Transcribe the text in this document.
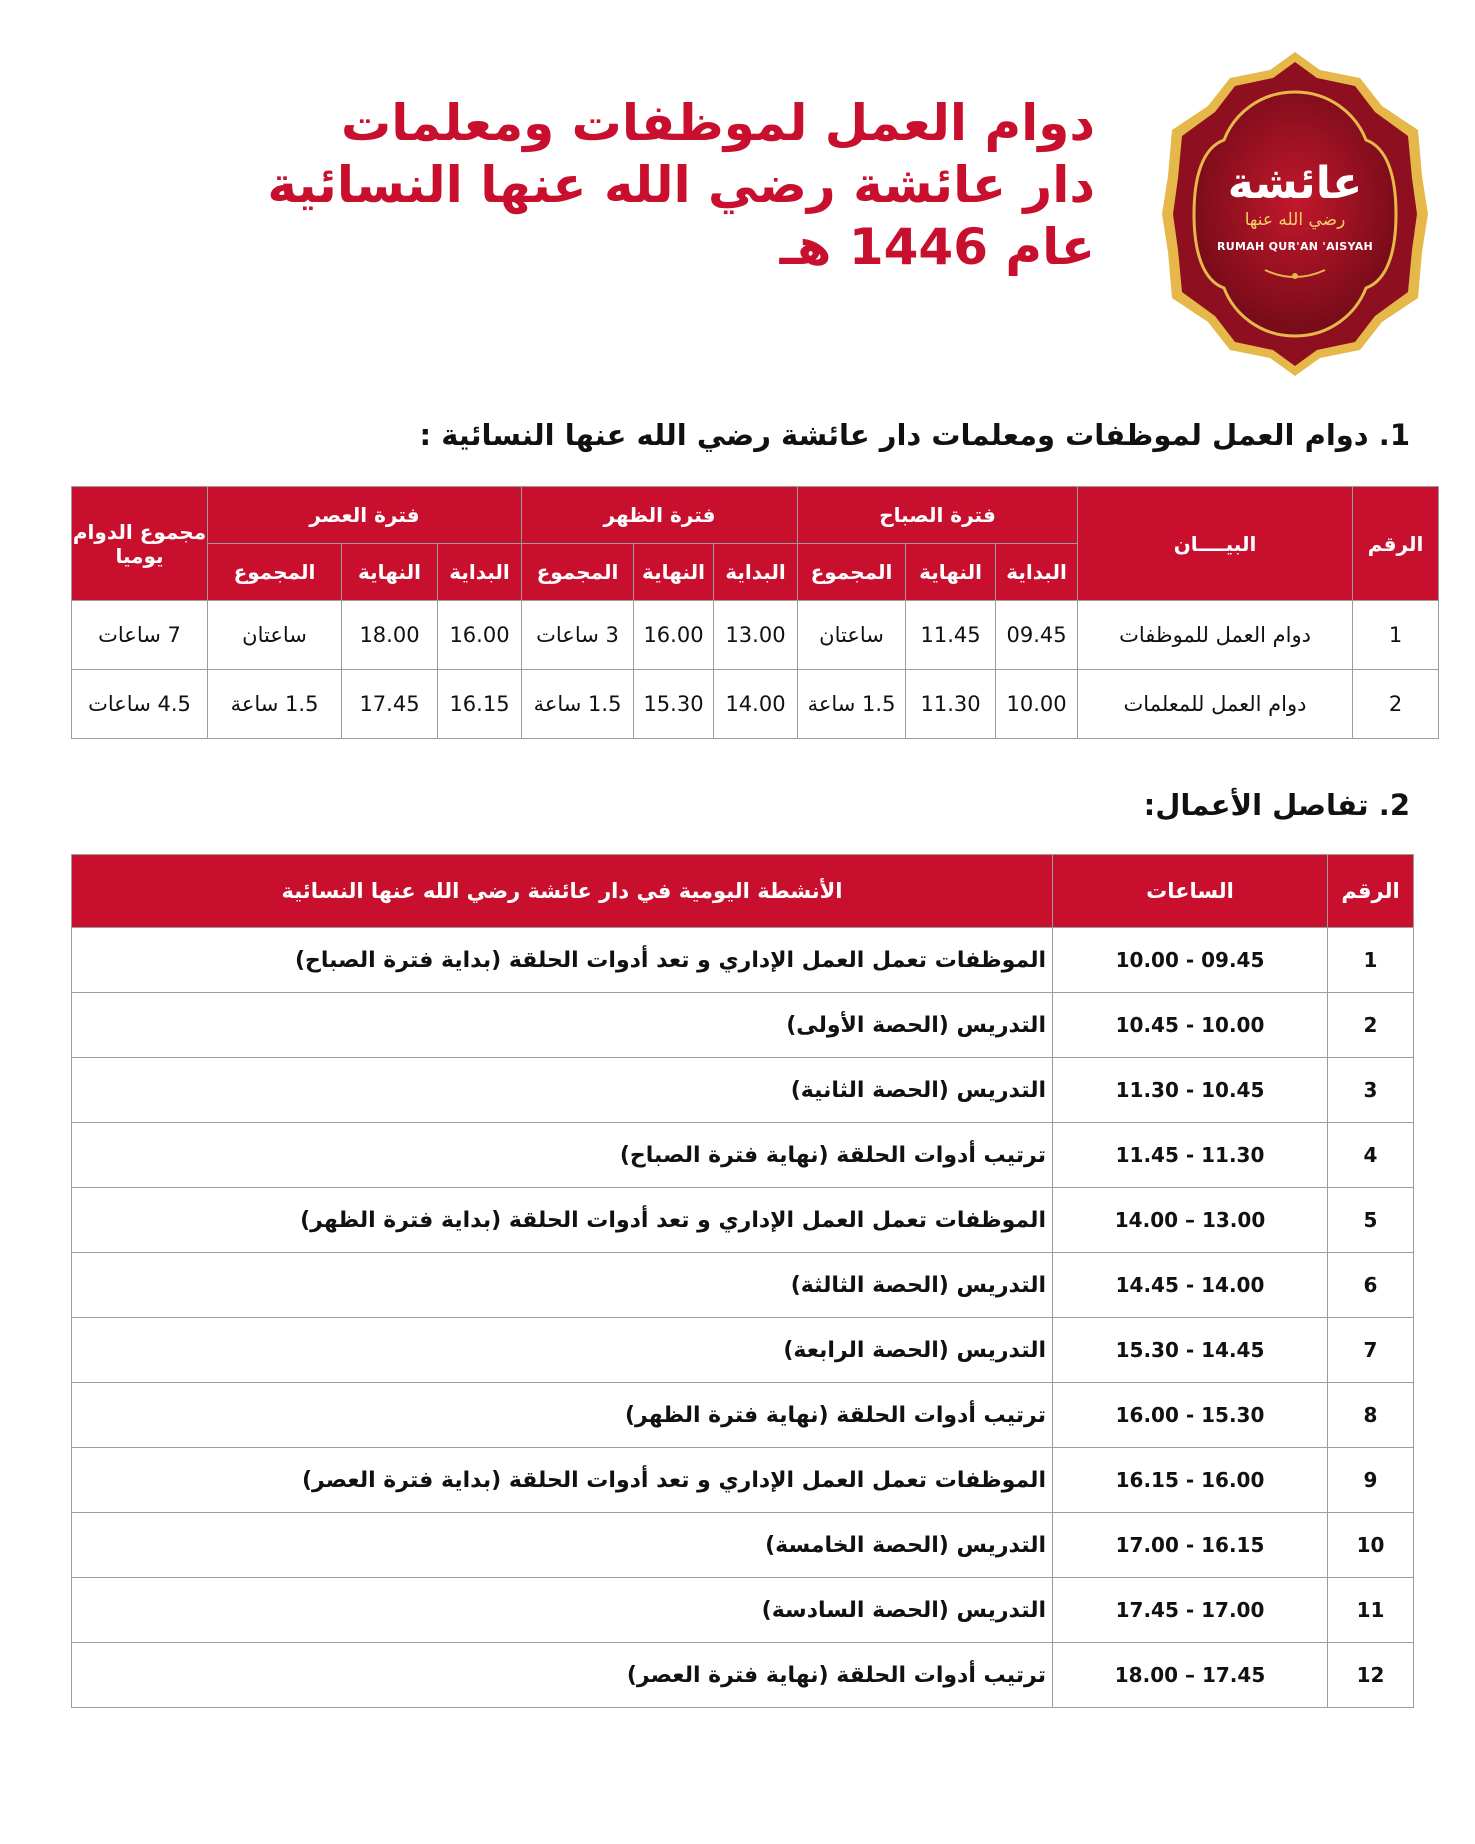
دوام العمل لموظفات ومعلمات
دار عائشة رضي الله عنها النسائية
عام 1446 هـ
عائشة
رضي الله عنها
RUMAH QUR'AN 'AISYAH
1. دوام العمل لموظفات ومعلمات دار عائشة رضي الله عنها النسائية :
الرقم	البيــــان	فترة الصباح			فترة الظهر			فترة العصر			مجموع الدوام يوميا
		البداية	النهاية	المجموع	البداية	النهاية	المجموع	البداية	النهاية	المجموع	
1	دوام العمل للموظفات	09.45	11.45	ساعتان	13.00	16.00	3 ساعات	16.00	18.00	ساعتان	7 ساعات
2	دوام العمل للمعلمات	10.00	11.30	1.5 ساعة	14.00	15.30	1.5 ساعة	16.15	17.45	1.5 ساعة	4.5 ساعات
2. تفاصل الأعمال:
الرقم	الساعات	الأنشطة اليومية في دار عائشة رضي الله عنها النسائية
1	09.45 - 10.00	الموظفات تعمل العمل الإداري و تعد أدوات الحلقة (بداية فترة الصباح)
2	10.00 - 10.45	التدريس (الحصة الأولى)
3	10.45 - 11.30	التدريس (الحصة الثانية)
4	11.30 - 11.45	ترتيب أدوات الحلقة (نهاية فترة الصباح)
5	13.00 – 14.00	الموظفات تعمل العمل الإداري و تعد أدوات الحلقة (بداية فترة الظهر)
6	14.00 - 14.45	التدريس (الحصة الثالثة)
7	14.45 - 15.30	التدريس (الحصة الرابعة)
8	15.30 - 16.00	ترتيب أدوات الحلقة (نهاية فترة الظهر)
9	16.00 - 16.15	الموظفات تعمل العمل الإداري و تعد أدوات الحلقة (بداية فترة العصر)
10	16.15 - 17.00	التدريس (الحصة الخامسة)
11	17.00 - 17.45	التدريس (الحصة السادسة)
12	17.45 – 18.00	ترتيب أدوات الحلقة (نهاية فترة العصر)
